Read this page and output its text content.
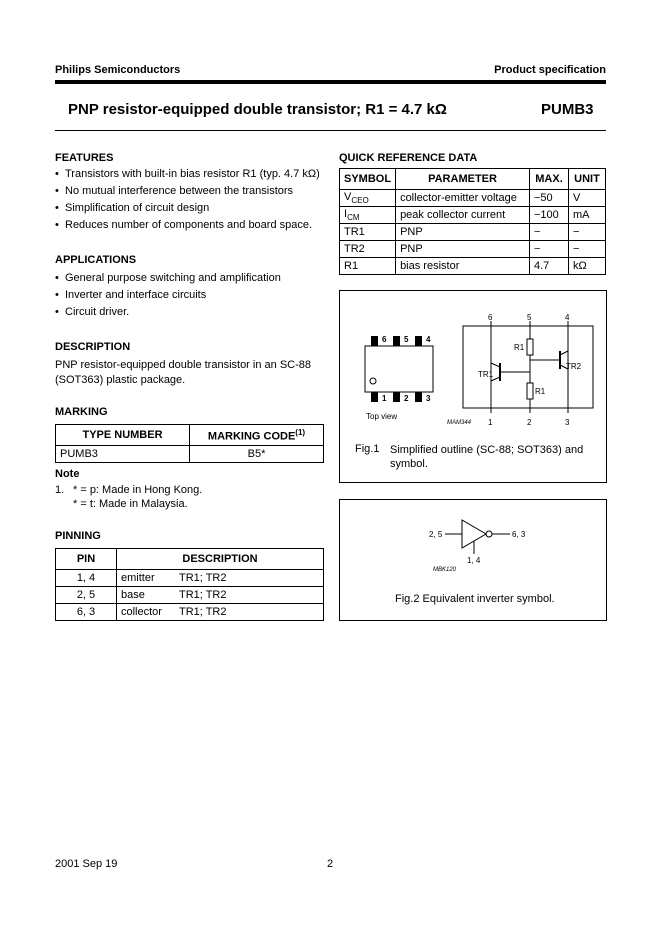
Philips Semiconductors	Product specification
PNP resistor-equipped double transistor; R1 = 4.7 kΩ	PUMB3
FEATURES
• Transistors with built-in bias resistor R1 (typ. 4.7 kΩ)
• No mutual interference between the transistors
• Simplification of circuit design
• Reduces number of components and board space.
APPLICATIONS
• General purpose switching and amplification
• Inverter and interface circuits
• Circuit driver.
DESCRIPTION
PNP resistor-equipped double transistor in an SC-88
(SOT363) plastic package.
MARKING
TYPE NUMBER	MARKING CODE$^{(1)}$
PUMB3	B5*
Note
1. * = p: Made in Hong Kong.
* = t: Made in Malaysia.
PINNING
PIN	DESCRIPTION	
1, 4	emitter	TR1; TR2
2, 5	base	TR1; TR2
6, 3	collector	TR1; TR2
QUICK REFERENCE DATA
SYMBOL	PARAMETER	MAX.	UNIT
$V_{CEO}$	collector-emitter voltage	−50	V
$I_{CM}$	peak collector current	−100	mA
TR1	PNP	−	−
TR2	PNP	−	−
R1	bias resistor	4.7	kΩ
6 5 4
1 2 3
Top view
MAM344
6	5	4
1	2	3
TR1
TR2
R1
R1
Fig.1 Simplified outline (SC-88; SOT363) and
symbol.
2, 5	6, 3
1, 4
MBK120
Fig.2 Equivalent inverter symbol.
2001 Sep 19	2
